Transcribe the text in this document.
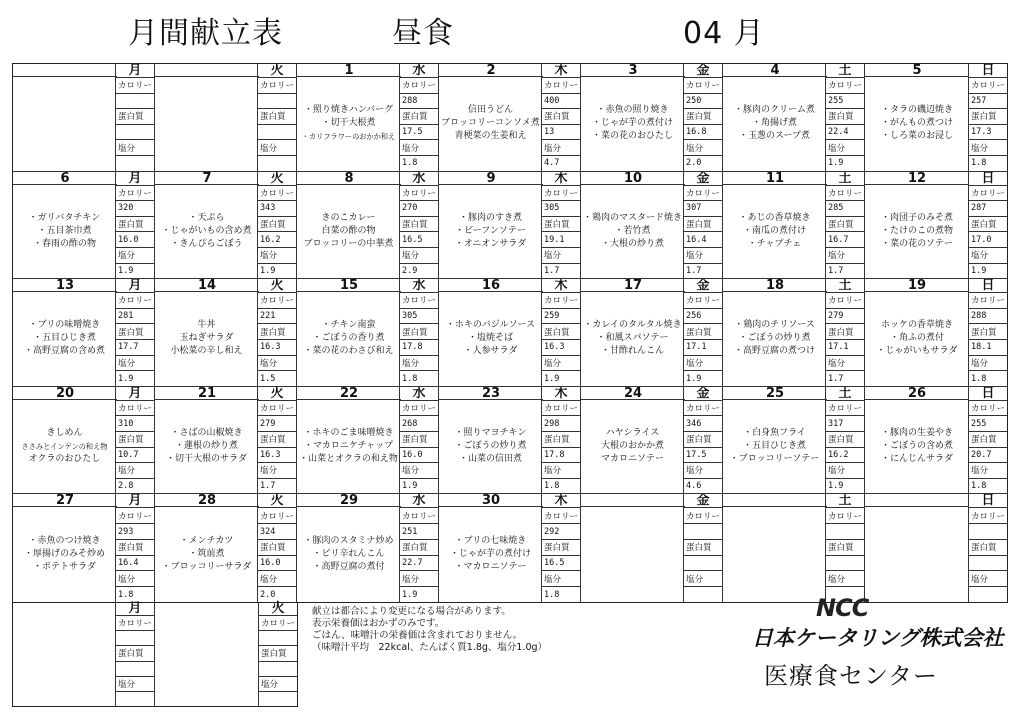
月間献立表	昼食	04 月
月
カロリー
蛋白質
塩分
火
カロリー
蛋白質
塩分
1
・照り焼きハンバーグ
・切干大根煮
・カリフラワーのおかか和え
水
カロリー
288
蛋白質
17.5
塩分
1.8
2
信田うどん
ブロッコリーコンソメ煮
青梗菜の生姜和え
木
カロリー
400
蛋白質
13
塩分
4.7
3
・赤魚の照り焼き
・じゃが芋の煮付け
・菜の花のおひたし
金
カロリー
250
蛋白質
16.8
塩分
2.0
4
・豚肉のクリーム煮
・角揚げ煮
・玉葱のスープ煮
土
カロリー
255
蛋白質
22.4
塩分
1.9
5
・タラの磯辺焼き
・がんもの煮つけ
・しろ菜のお浸し
日
カロリー
257
蛋白質
17.3
塩分
1.8
6
・ガリバタチキン
・五目茶巾煮
・春雨の酢の物
月
カロリー
320
蛋白質
16.0
塩分
1.9
7
・天ぷら
・じゃがいもの含め煮
・きんぴらごぼう
火
カロリー
343
蛋白質
16.2
塩分
1.9
8
きのこカレー
白菜の酢の物
ブロッコリーの中華煮
水
カロリー
270
蛋白質
16.5
塩分
2.9
9
・豚肉のすき煮
・ビーフンソテー
・オニオンサラダ
木
カロリー
305
蛋白質
19.1
塩分
1.7
10
・鶏肉のマスタード焼き
・若竹煮
・大根の炒り煮
金
カロリー
307
蛋白質
16.4
塩分
1.7
11
・あじの香草焼き
・南瓜の煮付け
・チャプチェ
土
カロリー
285
蛋白質
16.7
塩分
1.7
12
・肉団子のみそ煮
・たけのこの煮物
・菜の花のソテー
日
カロリー
287
蛋白質
17.0
塩分
1.9
13
・ブリの味噌焼き
・五目ひじき煮
・高野豆腐の含め煮
月
カロリー
281
蛋白質
17.7
塩分
1.9
14
牛丼
玉ねぎサラダ
小松菜の辛し和え
火
カロリー
221
蛋白質
16.3
塩分
1.5
15
・チキン南蛮
・ごぼうの香り煮
・菜の花のわさび和え
水
カロリー
305
蛋白質
17.8
塩分
1.8
16
・ホキのバジルソース
・塩焼そば
・人参サラダ
木
カロリー
259
蛋白質
16.3
塩分
1.9
17
・カレイのタルタル焼き
・和風スパソテー
・甘酢れんこん
金
カロリー
256
蛋白質
17.1
塩分
1.9
18
・鶏肉のチリソース
・ごぼうの炒り煮
・高野豆腐の煮つけ
土
カロリー
279
蛋白質
17.1
塩分
1.7
19
ホッケの香草焼き
・角ふの煮付
・じゃがいもサラダ
日
カロリー
288
蛋白質
18.1
塩分
1.8
20
きしめん
ささみとインゲンの和え物
オクラのおひたし
月
カロリー
310
蛋白質
10.7
塩分
2.8
21
・さばの山椒焼き
・蓮根の炒り煮
・切干大根のサラダ
火
カロリー
279
蛋白質
16.3
塩分
1.7
22
・ホキのごま味噌焼き
・マカロニケチャップ
・山菜とオクラの和え物
水
カロリー
268
蛋白質
16.0
塩分
1.9
23
・照りマヨチキン
・ごぼうの炒り煮
・山菜の信田煮
木
カロリー
298
蛋白質
17.8
塩分
1.8
24
ハヤシライス
大根のおかか煮
マカロニソテー
金
カロリー
346
蛋白質
17.5
塩分
4.6
25
・白身魚フライ
・五目ひじき煮
・ブロッコリーソテー
土
カロリー
317
蛋白質
16.2
塩分
1.9
26
・豚肉の生姜やき
・ごぼうの含め煮
・にんじんサラダ
日
カロリー
255
蛋白質
20.7
塩分
1.8
27
・赤魚のつけ焼き
・厚揚げのみそ炒め
・ポテトサラダ
月
カロリー
293
蛋白質
16.4
塩分
1.8
28
・メンチカツ
・筑前煮
・ブロッコリーサラダ
火
カロリー
324
蛋白質
16.0
塩分
2.0
29
・豚肉のスタミナ炒め
・ピリ辛れんこん
・高野豆腐の煮付
水
カロリー
251
蛋白質
22.7
塩分
1.9
30
・ブリの七味焼き
・じゃが芋の煮付け
・マカロニソテー
木
カロリー
292
蛋白質
16.5
塩分
1.8
金
カロリー
蛋白質
塩分
土
カロリー
蛋白質
塩分
日
カロリー
蛋白質
塩分
月
カロリー
蛋白質
塩分
火
カロリー
蛋白質
塩分
献立は都合により変更になる場合があります。
表示栄養価はおかずのみです。
ごはん、味噌汁の栄養価は含まれておりません。
（味噌汁平均　22kcal、たんぱく質1.8g、塩分1.0g）
NCC
日本ケータリング株式会社
医療食センター
